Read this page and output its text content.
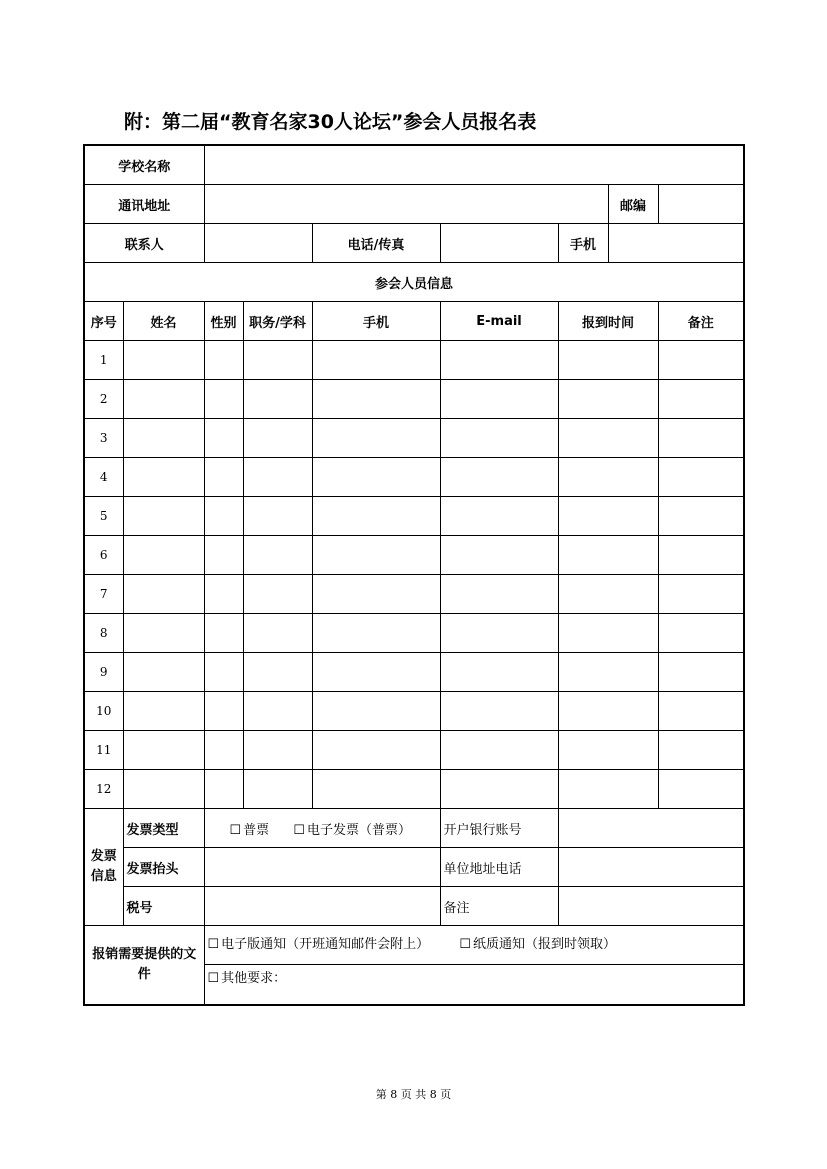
附：第二届“教育名家30人论坛”参会人员报名表
学校名称								
通讯地址							邮编	
联系人				电话/传真		手机		
参会人员信息								
序号	姓名	性别	职务/学科	手机	E-mail	报到时间		备注
1								
2								
3								
4								
5								
6								
7								
8								
9								
10								
11								
12								
发票信息	发票类型	☐ 普票 ☐ 电子发票（普票）			开户银行账号			
	发票抬头				单位地址电话			
	税号				备注			
报销需要提供的文件		☐ 电子版通知（开班通知邮件会附上） ☐ 纸质通知（报到时领取）
☐ 其他要求：						
第 8 页 共 8 页
